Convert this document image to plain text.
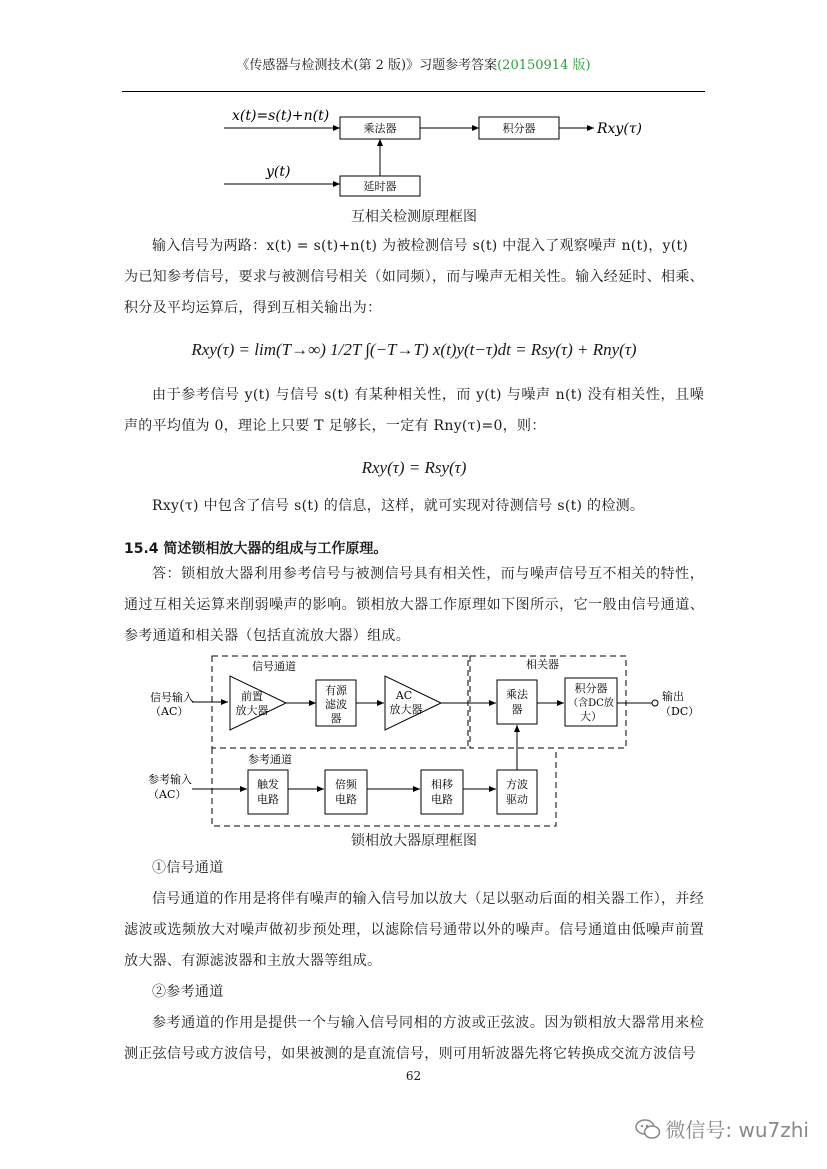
《传感器与检测技术(第 2 版)》习题参考答案(20150914 版)
x(t)=s(t)+n(t)
乘法器	积分器	Rxy(τ)
y(t)
延时器
互相关检测原理框图

输入信号为两路：x(t) = s(t)+n(t) 为被检测信号 s(t) 中混入了观察噪声 n(t)，y(t)

为已知参考信号，要求与被测信号相关（如同频），而与噪声无相关性。输入经延时、相乘、积分及平均运算后，得到互相关输出为：

Rxy(τ) = lim(T→∞) 1/2T ∫(−T→T) x(t)y(t−τ)dt = Rsy(τ) + Rny(τ)

由于参考信号 y(t) 与信号 s(t) 有某种相关性，而 y(t) 与噪声 n(t) 没有相关性，且噪声的平均值为 0，理论上只要 T 足够长，一定有 Rny(τ)=0，则：

Rxy(τ) = Rsy(τ)

Rxy(τ) 中包含了信号 s(t) 的信息，这样，就可实现对待测信号 s(t) 的检测。

15.4 简述锁相放大器的组成与工作原理。

答：锁相放大器利用参考信号与被测信号具有相关性，而与噪声信号互不相关的特性，通过互相关运算来削弱噪声的影响。锁相放大器工作原理如下图所示，它一般由信号通道、参考通道和相关器（包括直流放大器）组成。

信号通道	相关器
参考通道
信号输入
（AC）
前置
放大器
有源
滤波
器
AC
放大器
乘法
器
积分器
（含DC放
大）
输出
（DC）
参考输入
（AC）
触发
电路
倍频
电路
相移
电路
方波
驱动
锁相放大器原理框图

①信号通道

信号通道的作用是将伴有噪声的输入信号加以放大（足以驱动后面的相关器工作），并经滤波或选频放大对噪声做初步预处理，以滤除信号通带以外的噪声。信号通道由低噪声前置放大器、有源滤波器和主放大器等组成。

②参考通道

参考通道的作用是提供一个与输入信号同相的方波或正弦波。因为锁相放大器常用来检测正弦信号或方波信号，如果被测的是直流信号，则可用斩波器先将它转换成交流方波信号

62
微信号: wu7zhi
